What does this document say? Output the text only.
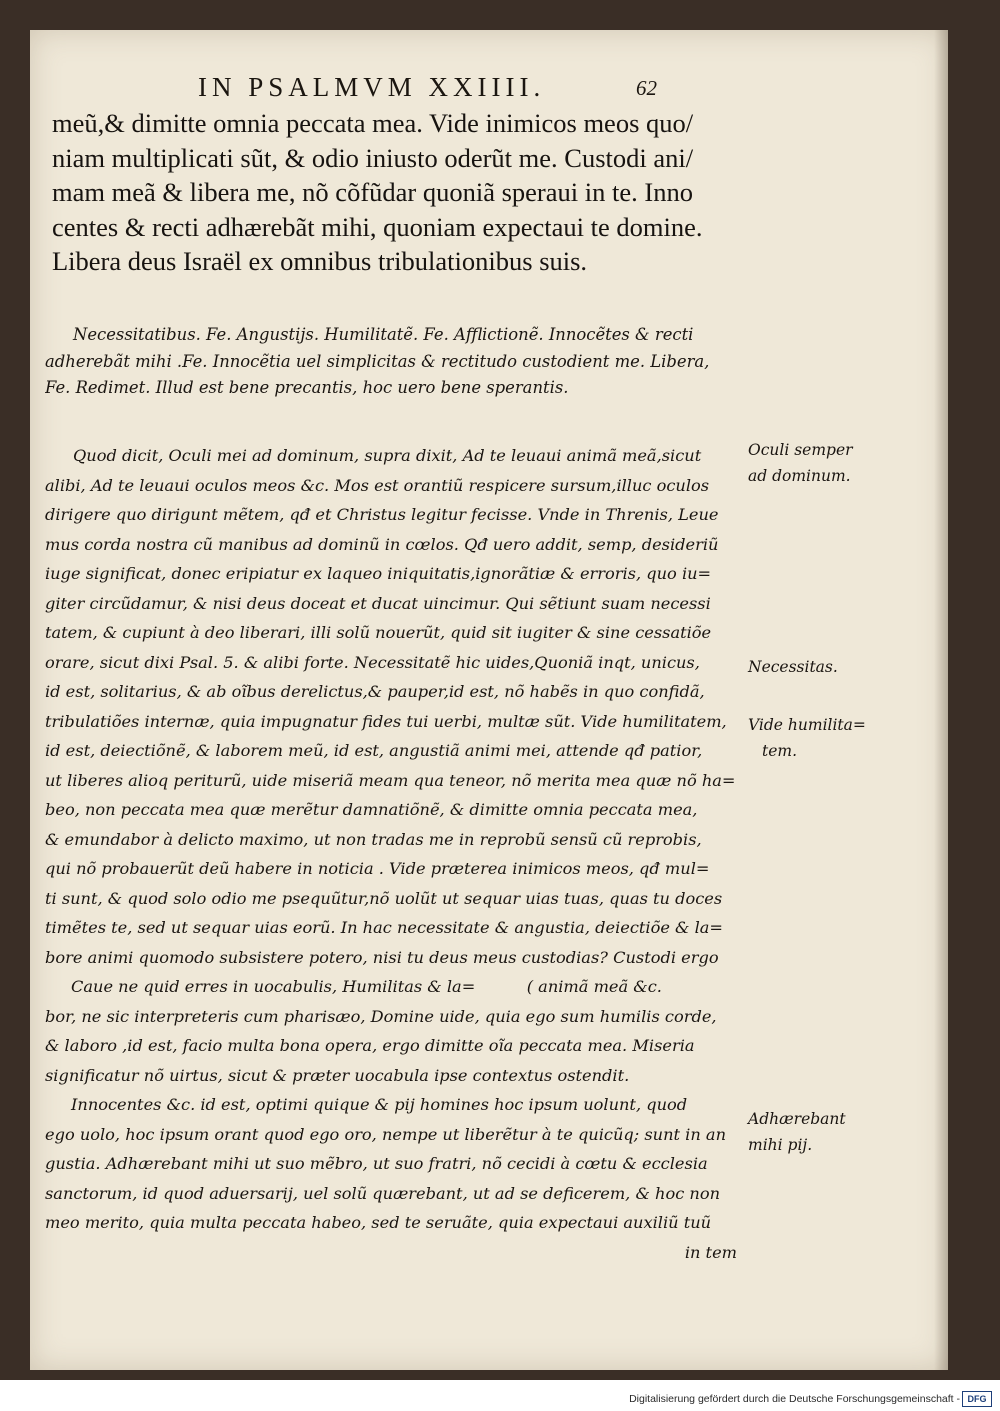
IN PSALMVM XXIIII.	62
meũ,& dimitte omnia peccata mea. Vide inimicos meos quo/
niam multiplicati sũt, & odio iniusto oderũt me. Custodi ani/
mam meã & libera me, nõ cõfũdar quoniã speraui in te. Inno
centes & recti adhærebãt mihi, quoniam expectaui te domine.
Libera deus Israël ex omnibus tribulationibus suis.
Necessitatibus. Fe. Angustijs. Humilitatẽ. Fe. Afflictionẽ. Innocẽtes & recti
adherebãt mihi .Fe. Innocẽtia uel simplicitas & rectitudo custodient me. Libera,
Fe. Redimet. Illud est bene precantis, hoc uero bene sperantis.
Quod dicit, Oculi mei ad dominum, supra dixit, Ad te leuaui animã meã,sicut
alibi, Ad te leuaui oculos meos &c. Mos est orantiũ respicere sursum,illuc oculos
dirigere quo dirigunt mẽtem, qđ et Christus legitur fecisse. Vnde in Threnis, Leue
mus corda nostra cũ manibus ad dominũ in cœlos. Qđ uero addit, semp, desideriũ
iuge significat, donec eripiatur ex laqueo iniquitatis,ignorãtiæ & erroris, quo iu=
giter circũdamur, & nisi deus doceat et ducat uincimur. Qui sẽtiunt suam necessi
tatem, & cupiunt à deo liberari, illi solũ nouerũt, quid sit iugiter & sine cessatiõe
orare, sicut dixi Psal. 5. & alibi forte. Necessitatẽ hic uides,Quoniã inqt, unicus,
id est, solitarius, & ab oĩbus derelictus,& pauper,id est, nõ habẽs in quo confidã,
tribulatiões internæ, quia impugnatur fides tui uerbi, multæ sũt. Vide humilitatem,
id est, deiectiõnẽ, & laborem meũ, id est, angustiã animi mei, attende qđ patior,
ut liberes alioq periturũ, uide miseriã meam qua teneor, nõ merita mea quæ nõ ha=
beo, non peccata mea quæ merẽtur damnatiõnẽ, & dimitte omnia peccata mea,
& emundabor à delicto maximo, ut non tradas me in reprobũ sensũ cũ reprobis,
qui nõ probauerũt deũ habere in noticia . Vide præterea inimicos meos, qđ mul=
ti sunt, & quod solo odio me psequũtur,nõ uolũt ut sequar uias tuas, quas tu doces
timẽtes te, sed ut sequar uias eorũ. In hac necessitate & angustia, deiectiõe & la=
bore animi quomodo subsistere potero, nisi tu deus meus custodias? Custodi ergo
Caue ne quid erres in uocabulis, Humilitas & la=          ( animã meã &c.
bor, ne sic interpreteris cum pharisæo, Domine uide, quia ego sum humilis corde,
& laboro ,id est, facio multa bona opera, ergo dimitte oĩa peccata mea. Miseria
significatur nõ uirtus, sicut & præter uocabula ipse contextus ostendit.
Innocentes &c. id est, optimi quique & pij homines hoc ipsum uolunt, quod
ego uolo, hoc ipsum orant quod ego oro, nempe ut liberẽtur à te quicũq; sunt in an
gustia. Adhærebant mihi ut suo mẽbro, ut suo fratri, nõ cecidi à cœtu & ecclesia
sanctorum, id quod aduersarij, uel solũ quærebant, ut ad se deficerem, & hoc non
meo merito, quia multa peccata habeo, sed te seruãte, quia expectaui auxiliũ tuũ
in tem
Oculi semper
ad dominum.
Necessitas.
Vide humilita=
tem.
Adhærebant
mihi pij.
Digitalisierung gefördert durch die Deutsche Forschungsgemeinschaft - DFG
